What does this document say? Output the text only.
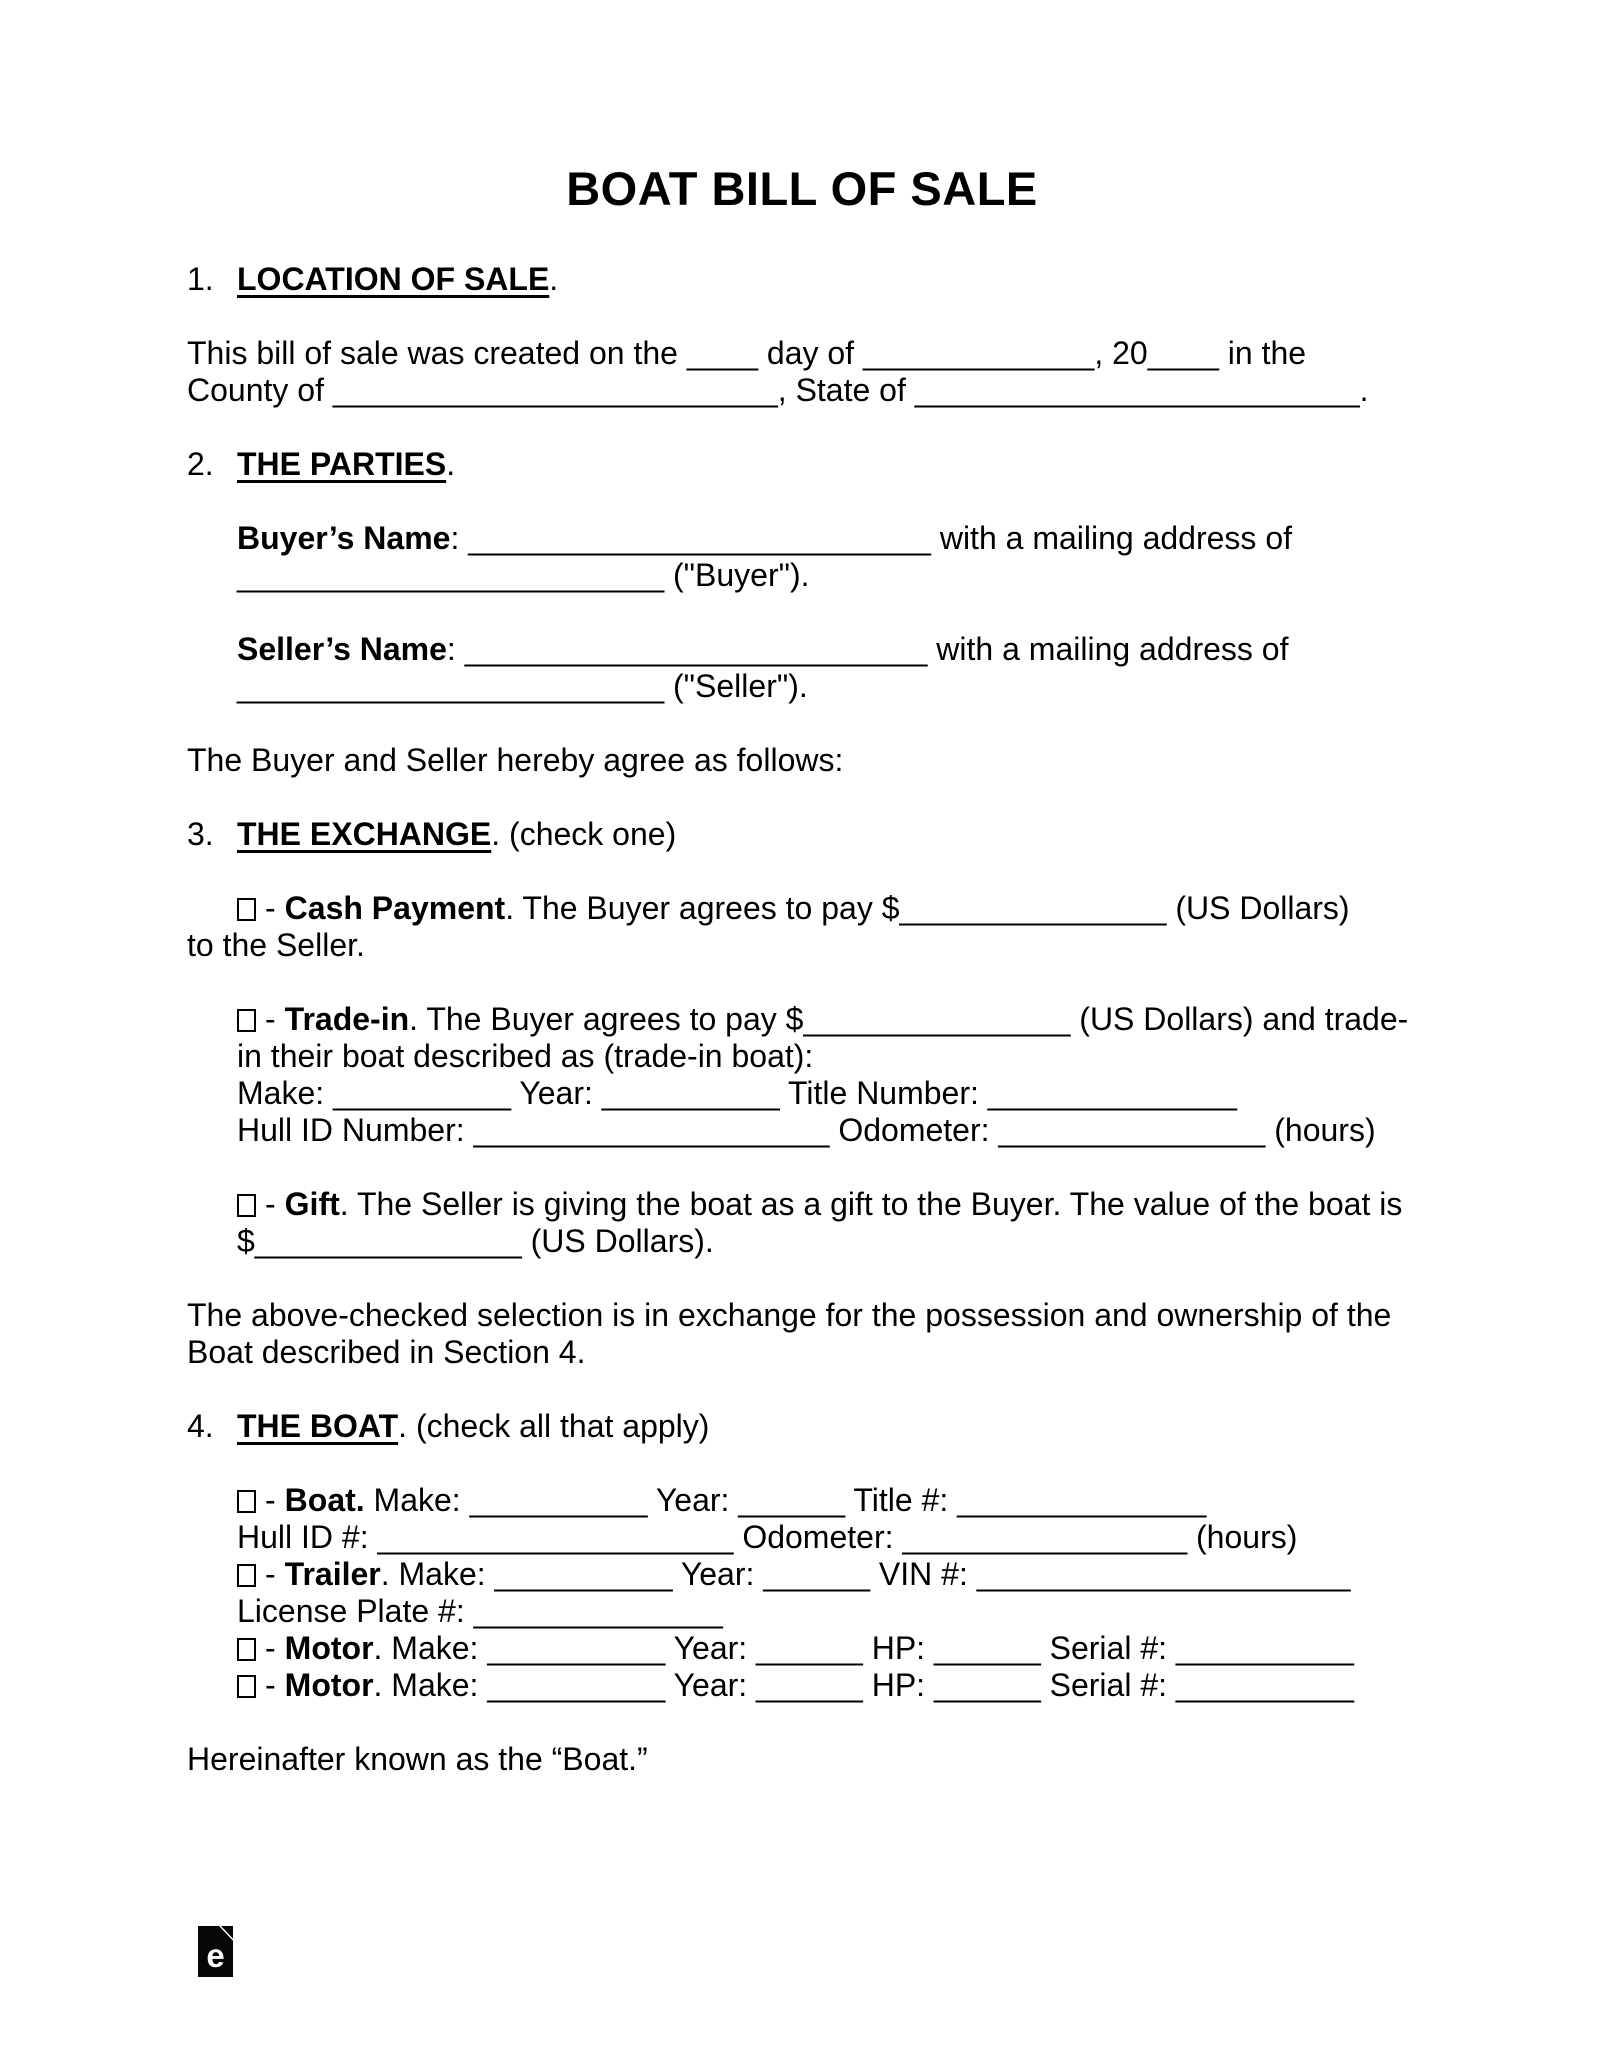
BOAT BILL OF SALE
1. LOCATION OF SALE.
This bill of sale was created on the ____ day of _____________, 20____ in the
County of _________________________, State of _________________________.
2. THE PARTIES.
Buyer’s Name: __________________________ with a mailing address of
________________________ ("Buyer").
Seller’s Name: __________________________ with a mailing address of
________________________ ("Seller").
The Buyer and Seller hereby agree as follows:
3. THE EXCHANGE. (check one)
- Cash Payment. The Buyer agrees to pay $_______________ (US Dollars)
to the Seller.
- Trade-in. The Buyer agrees to pay $_______________ (US Dollars) and trade-
in their boat described as (trade-in boat):
Make: __________ Year: __________ Title Number: ______________
Hull ID Number: ____________________ Odometer: _______________ (hours)
- Gift. The Seller is giving the boat as a gift to the Buyer. The value of the boat is
$_______________ (US Dollars).
The above-checked selection is in exchange for the possession and ownership of the
Boat described in Section 4.
4. THE BOAT. (check all that apply)
- Boat. Make: __________ Year: ______ Title #: ______________
Hull ID #: ____________________ Odometer: ________________ (hours)
- Trailer. Make: __________ Year: ______ VIN #: _____________________
License Plate #: ______________
- Motor. Make: __________ Year: ______ HP: ______ Serial #: __________
- Motor. Make: __________ Year: ______ HP: ______ Serial #: __________
Hereinafter known as the “Boat.”
e
